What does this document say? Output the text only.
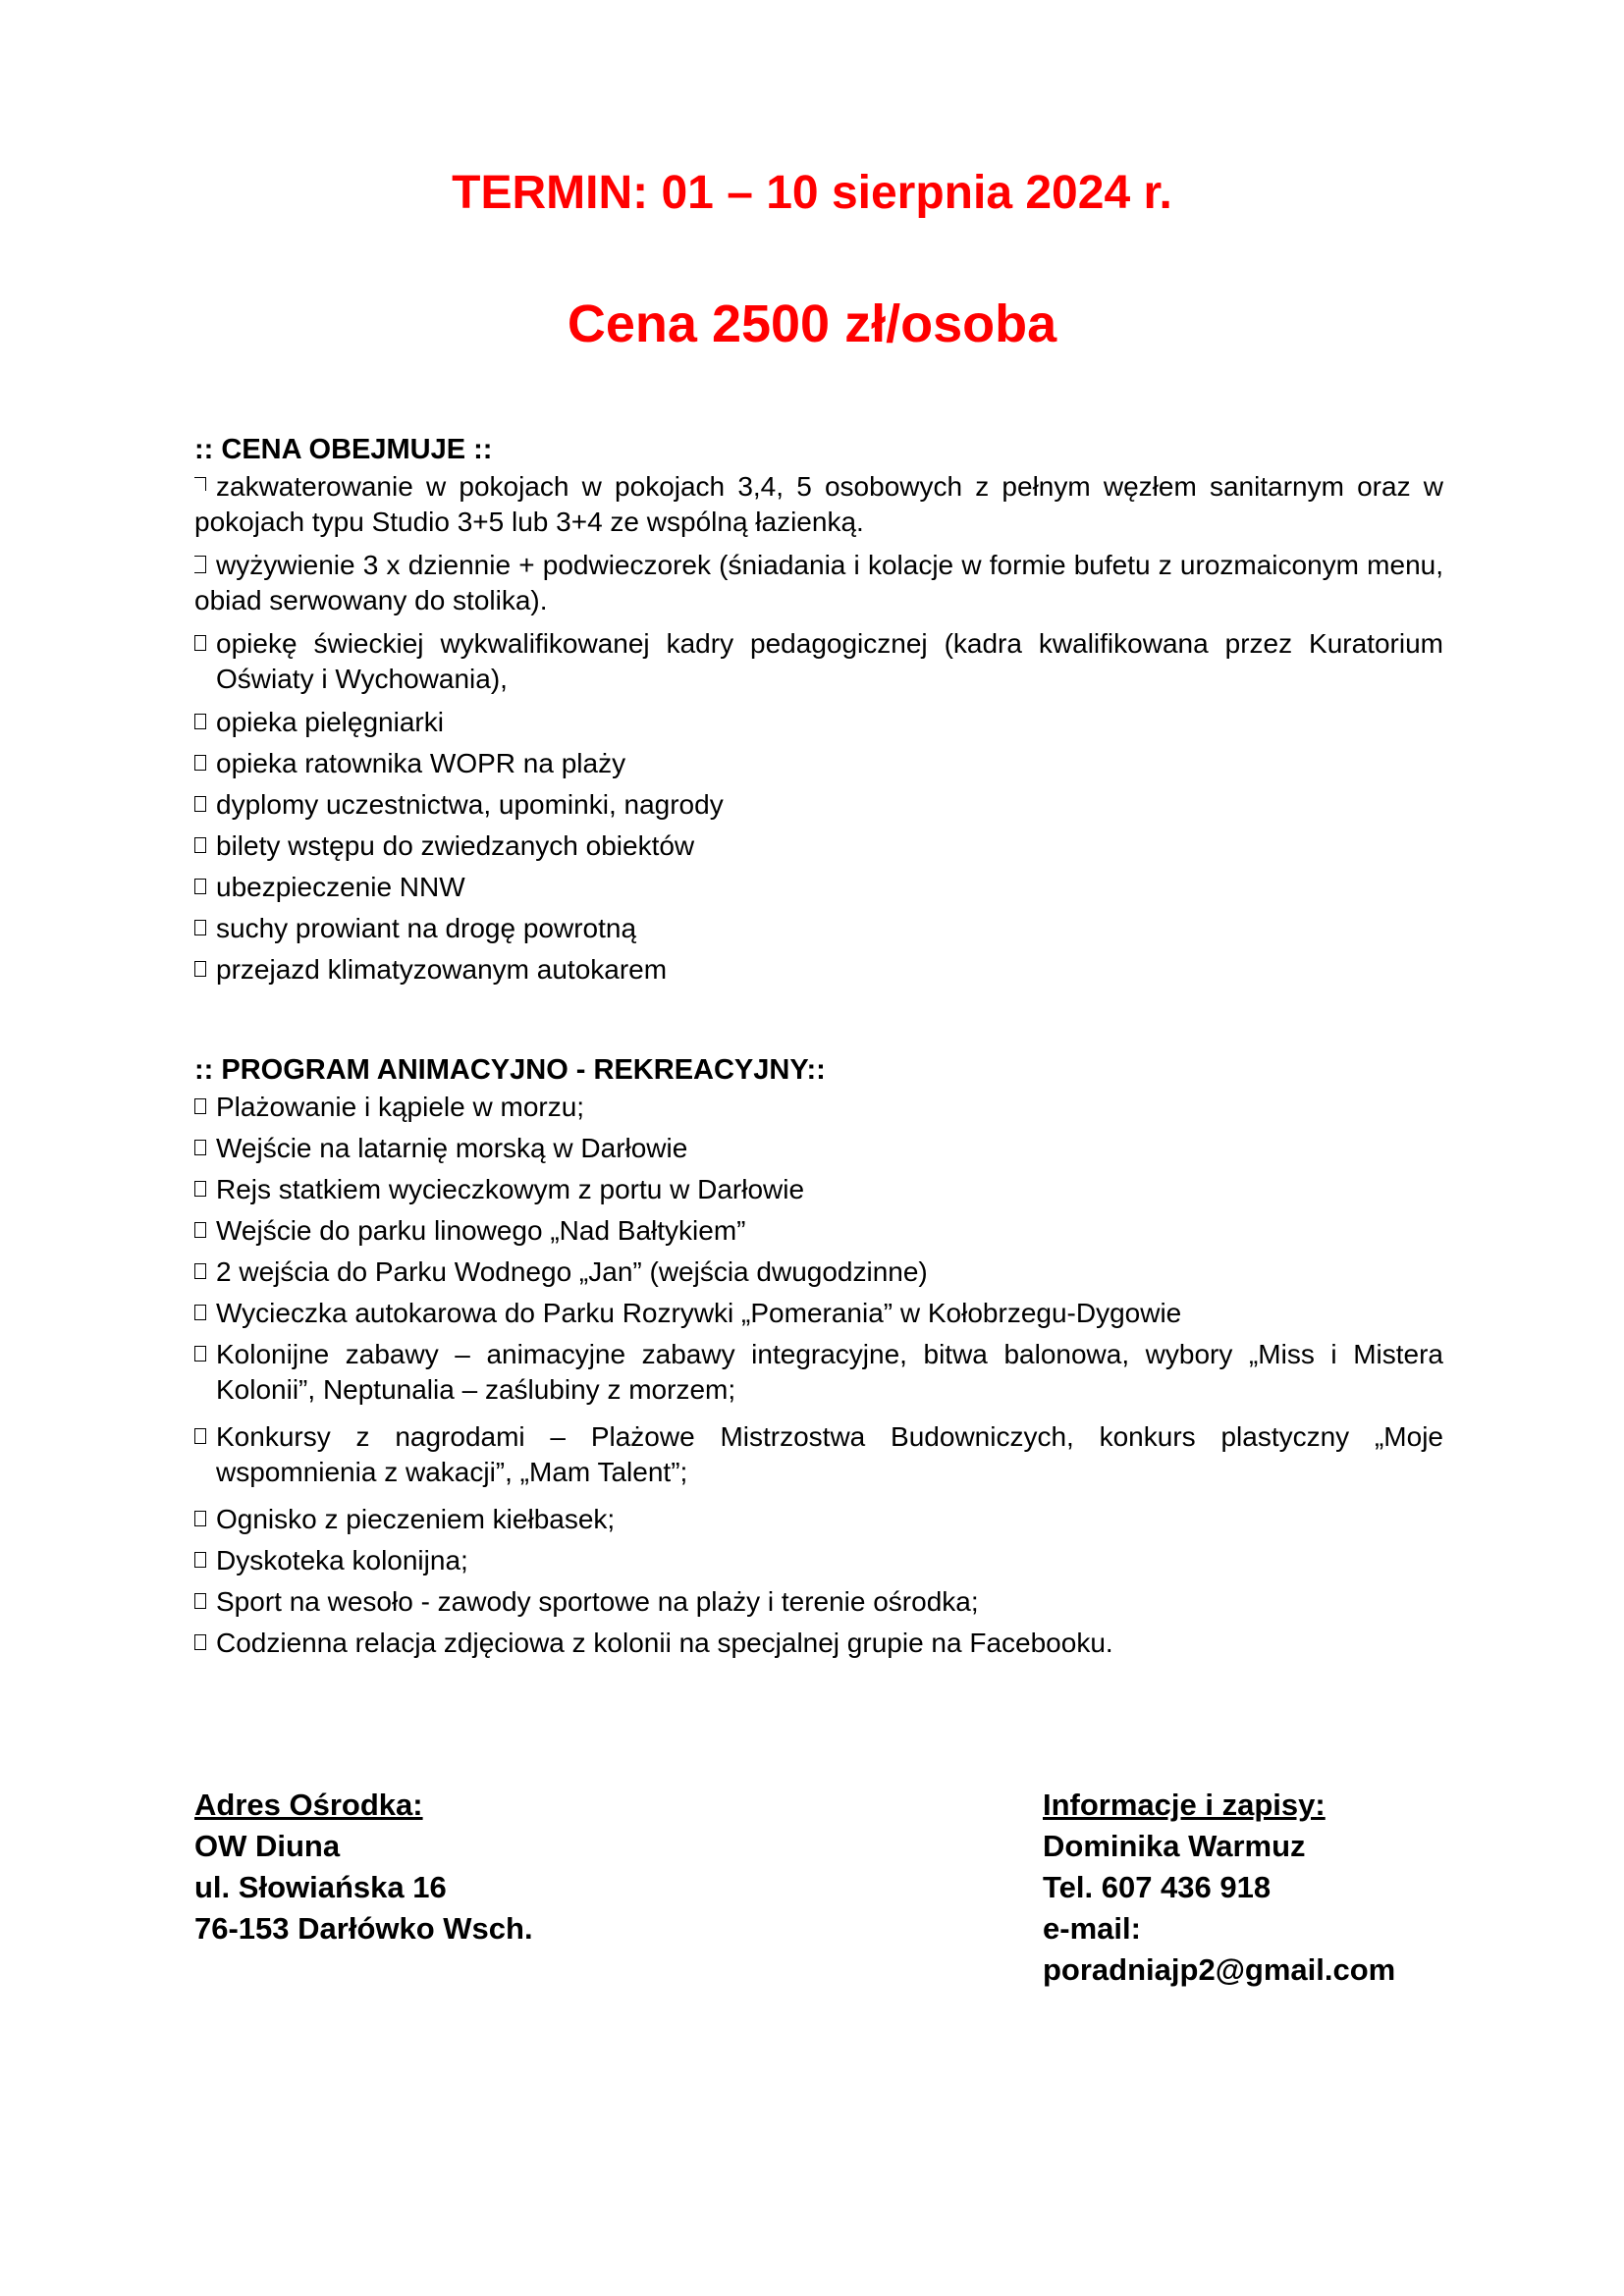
TERMIN: 01 – 10 sierpnia 2024 r.
Cena 2500 zł/osoba

:: CENA OBEJMUJE ::

zakwaterowanie w pokojach w pokojach 3,4, 5 osobowych z pełnym węzłem sanitarnym oraz w pokojach typu Studio 3+5 lub 3+4 ze wspólną łazienką.

wyżywienie 3 x dziennie + podwieczorek (śniadania i kolacje w formie bufetu z urozmaiconym menu, obiad serwowany do stolika).

opiekę świeckiej wykwalifikowanej kadry pedagogicznej (kadra kwalifikowana przez Kuratorium Oświaty i Wychowania),

opieka pielęgniarki

opieka ratownika WOPR na plaży

dyplomy uczestnictwa, upominki, nagrody

bilety wstępu do zwiedzanych obiektów

ubezpieczenie NNW

suchy prowiant na drogę powrotną

przejazd klimatyzowanym autokarem

:: PROGRAM ANIMACYJNO - REKREACYJNY::

Plażowanie i kąpiele w morzu;

Wejście na latarnię morską w Darłowie

Rejs statkiem wycieczkowym z portu w Darłowie

Wejście do parku linowego „Nad Bałtykiem”

2 wejścia do Parku Wodnego „Jan” (wejścia dwugodzinne)

Wycieczka autokarowa do Parku Rozrywki „Pomerania” w Kołobrzegu-Dygowie

Kolonijne zabawy – animacyjne zabawy integracyjne, bitwa balonowa, wybory „Miss i Mistera Kolonii”, Neptunalia – zaślubiny z morzem;

Konkursy z nagrodami – Plażowe Mistrzostwa Budowniczych, konkurs plastyczny „Moje wspomnienia z wakacji”, „Mam Talent”;

Ognisko z pieczeniem kiełbasek;

Dyskoteka kolonijna;

Sport na wesoło - zawody sportowe na plaży i terenie ośrodka;

Codzienna relacja zdjęciowa z kolonii na specjalnej grupie na Facebooku.

Adres Ośrodka:
OW Diuna
ul. Słowiańska 16
76-153 Darłówko Wsch.
Informacje i zapisy:
Dominika Warmuz
Tel. 607 436 918
e-mail:
poradniajp2@gmail.com
